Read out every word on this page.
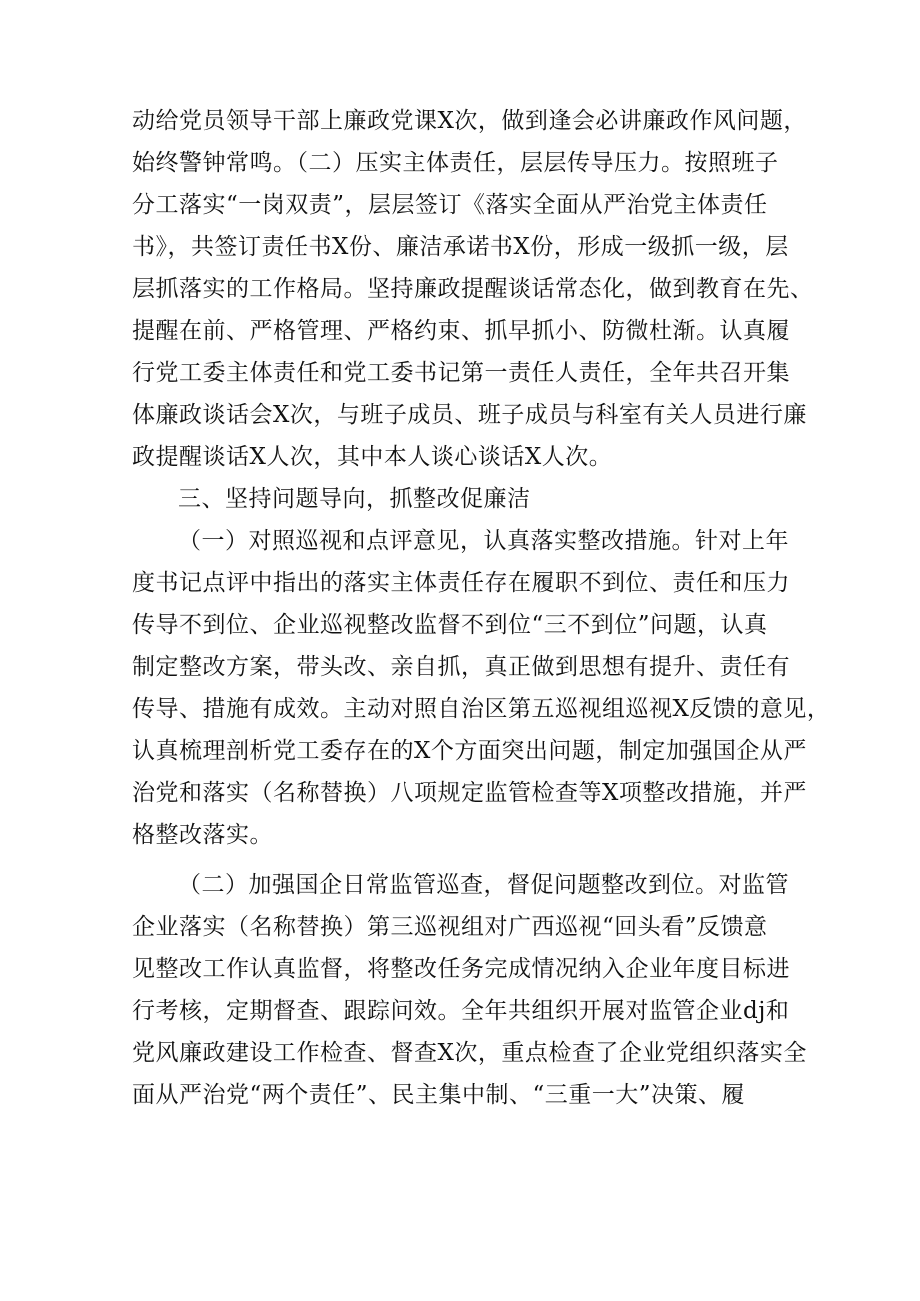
动给党员领导干部上廉政党课X次，做到逢会必讲廉政作风问题，
始终警钟常鸣。（二）压实主体责任，层层传导压力。按照班子
分工落实“一岗双责”，层层签订《落实全面从严治党主体责任
书》，共签订责任书X份、廉洁承诺书X份，形成一级抓一级，层
层抓落实的工作格局。坚持廉政提醒谈话常态化，做到教育在先、
提醒在前、严格管理、严格约束、抓早抓小、防微杜渐。认真履
行党工委主体责任和党工委书记第一责任人责任，全年共召开集
体廉政谈话会X次，与班子成员、班子成员与科室有关人员进行廉
政提醒谈话X人次，其中本人谈心谈话X人次。
三、坚持问题导向，抓整改促廉洁
（一）对照巡视和点评意见，认真落实整改措施。针对上年
度书记点评中指出的落实主体责任存在履职不到位、责任和压力
传导不到位、企业巡视整改监督不到位“三不到位”问题，认真
制定整改方案，带头改、亲自抓，真正做到思想有提升、责任有
传导、措施有成效。主动对照自治区第五巡视组巡视X反馈的意见，
认真梳理剖析党工委存在的X个方面突出问题，制定加强国企从严
治党和落实（名称替换）八项规定监管检查等X项整改措施，并严
格整改落实。
（二）加强国企日常监管巡查，督促问题整改到位。对监管
企业落实（名称替换）第三巡视组对广西巡视“回头看”反馈意
见整改工作认真监督，将整改任务完成情况纳入企业年度目标进
行考核，定期督查、跟踪问效。全年共组织开展对监管企业dj和
党风廉政建设工作检查、督查X次，重点检查了企业党组织落实全
面从严治党“两个责任”、民主集中制、“三重一大”决策、履
